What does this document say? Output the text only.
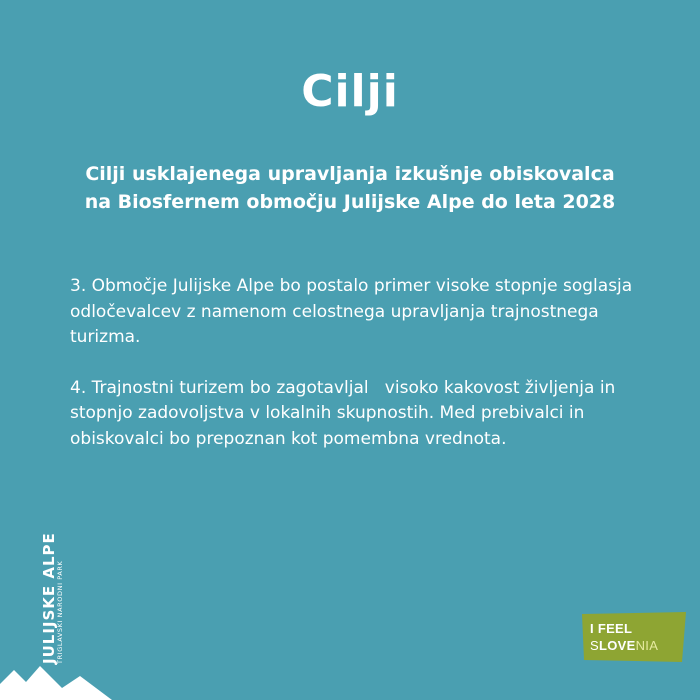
Cilji
Cilji usklajenega upravljanja izkušnje obiskovalca
na Biosfernem območju Julijske Alpe do leta 2028

3. Območje Julijske Alpe bo postalo primer visoke stopnje soglasja odločevalcev z namenom celostnega upravljanja trajnostnega turizma.

4. Trajnostni turizem bo zagotavljal   visoko kakovost življenja in stopnjo zadovoljstva v lokalnih skupnostih. Med prebivalci in obiskovalci bo prepoznan kot pomembna vrednota.

JULIJSKE ALPE
TRIGLAVSKI NARODNI PARK	I FEEL
SLOVENIA
